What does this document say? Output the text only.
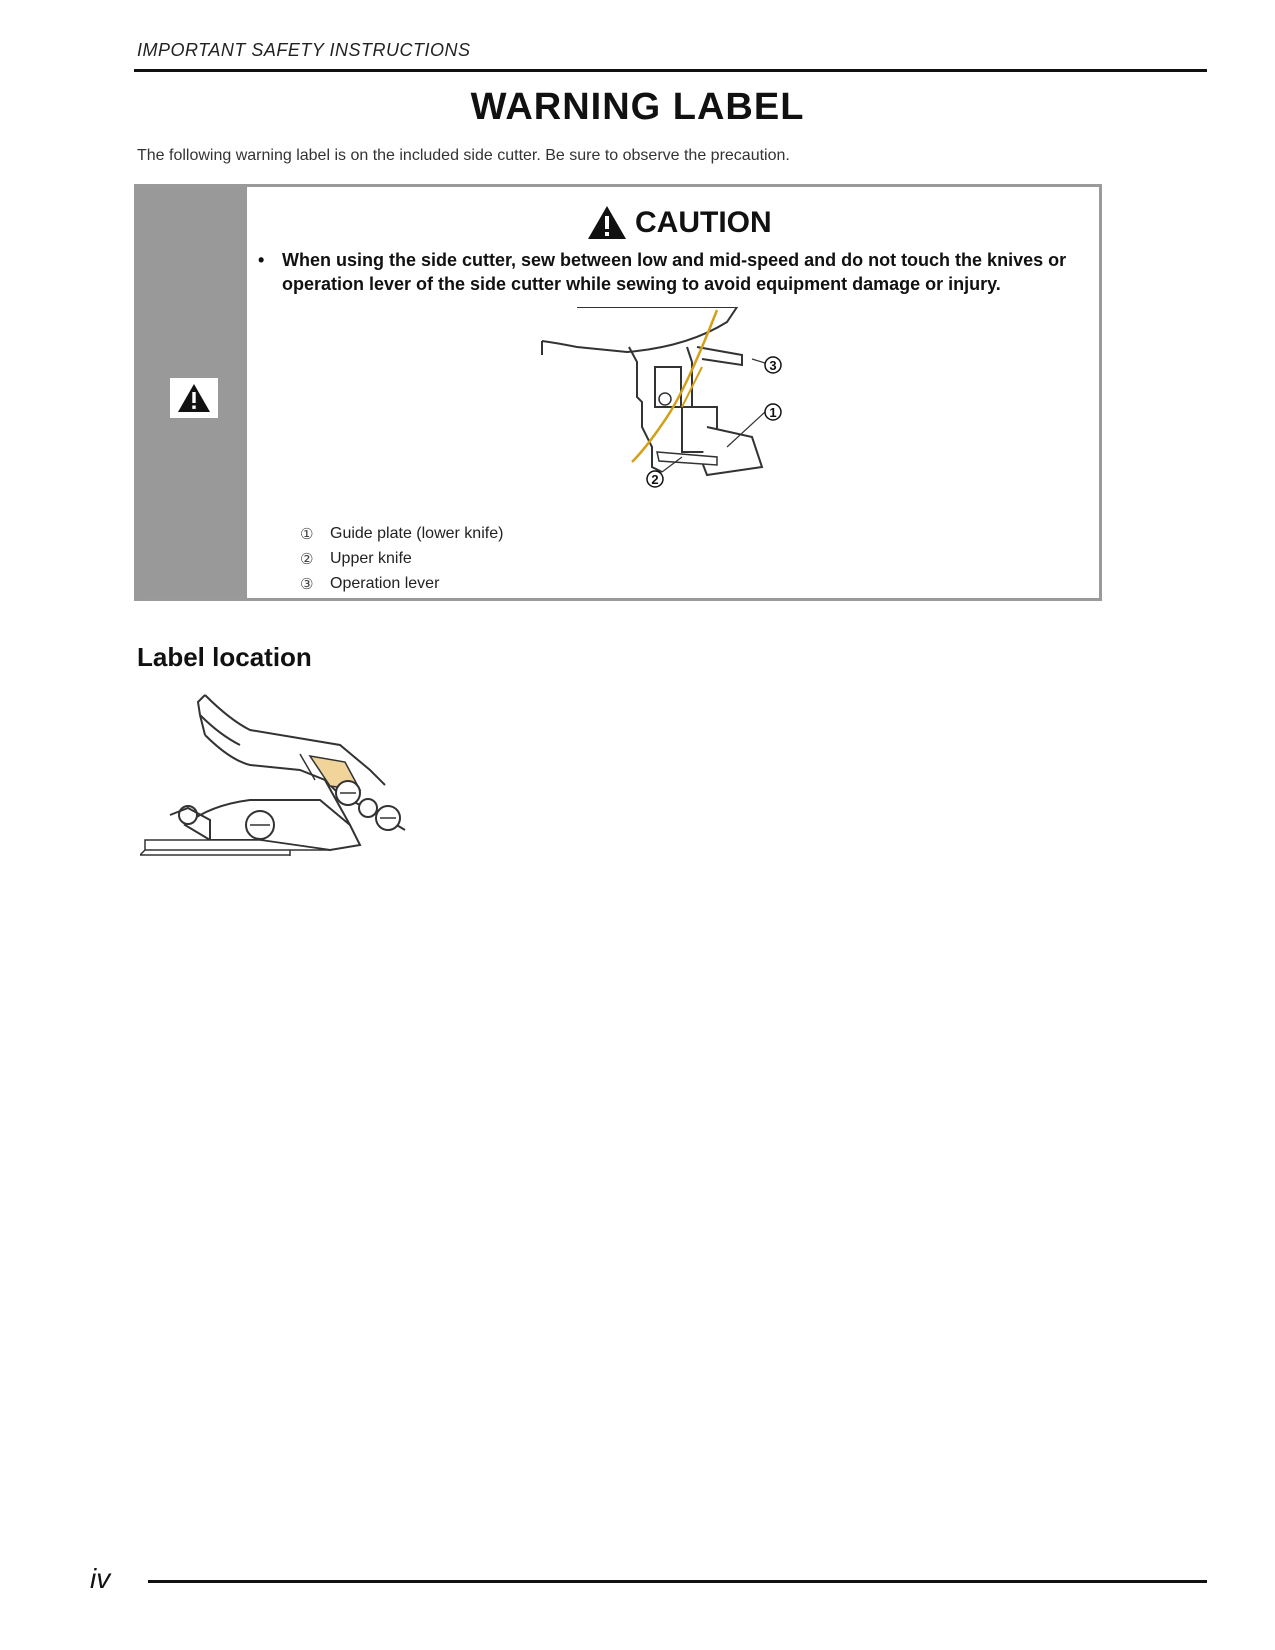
IMPORTANT SAFETY INSTRUCTIONS
WARNING LABEL
The following warning label is on the included side cutter. Be sure to observe the precaution.
CAUTION
• When using the side cutter, sew between low and mid-speed and do not touch the knives or operation lever of the side cutter while sewing to avoid equipment damage or injury.
3
1
2
①	Guide plate (lower knife)
②	Upper knife
③	Operation lever
Label location
iv
